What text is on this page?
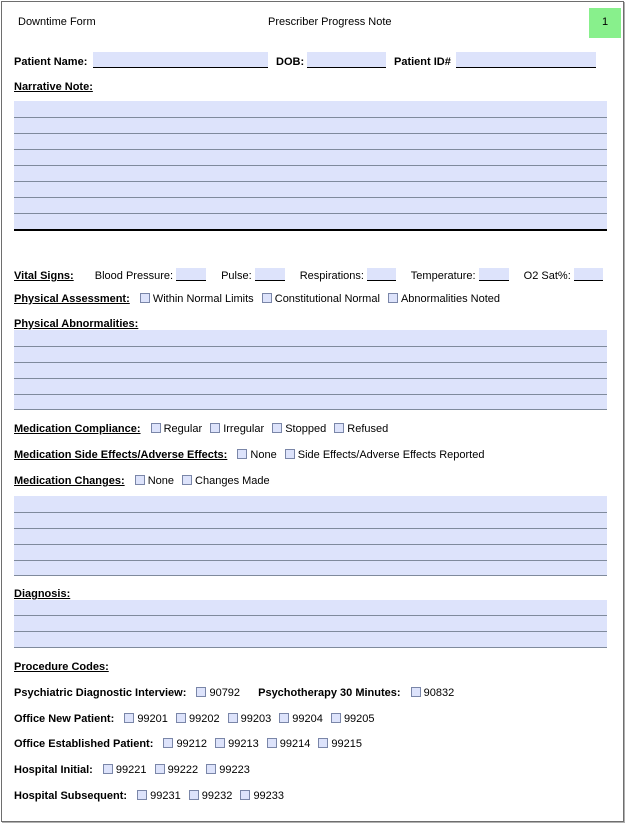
Downtime Form	Prescriber Progress Note	1
Patient Name:	DOB:	Patient ID#
Narrative Note:
Vital Signs: Blood Pressure:	Pulse:	Respirations:	Temperature:	O2 Sat%:
Physical Assessment: Within Normal Limits Constitutional Normal Abnormalities Noted
Physical Abnormalities:
Medication Compliance: Regular Irregular Stopped Refused
Medication Side Effects/Adverse Effects: None Side Effects/Adverse Effects Reported
Medication Changes: None Changes Made
Diagnosis:
Procedure Codes:
Psychiatric Diagnostic Interview: 90792 Psychotherapy 30 Minutes: 90832
Office New Patient: 99201 99202 99203 99204 99205
Office Established Patient: 99212 99213 99214 99215
Hospital Initial: 99221 99222 99223
Hospital Subsequent: 99231 99232 99233
